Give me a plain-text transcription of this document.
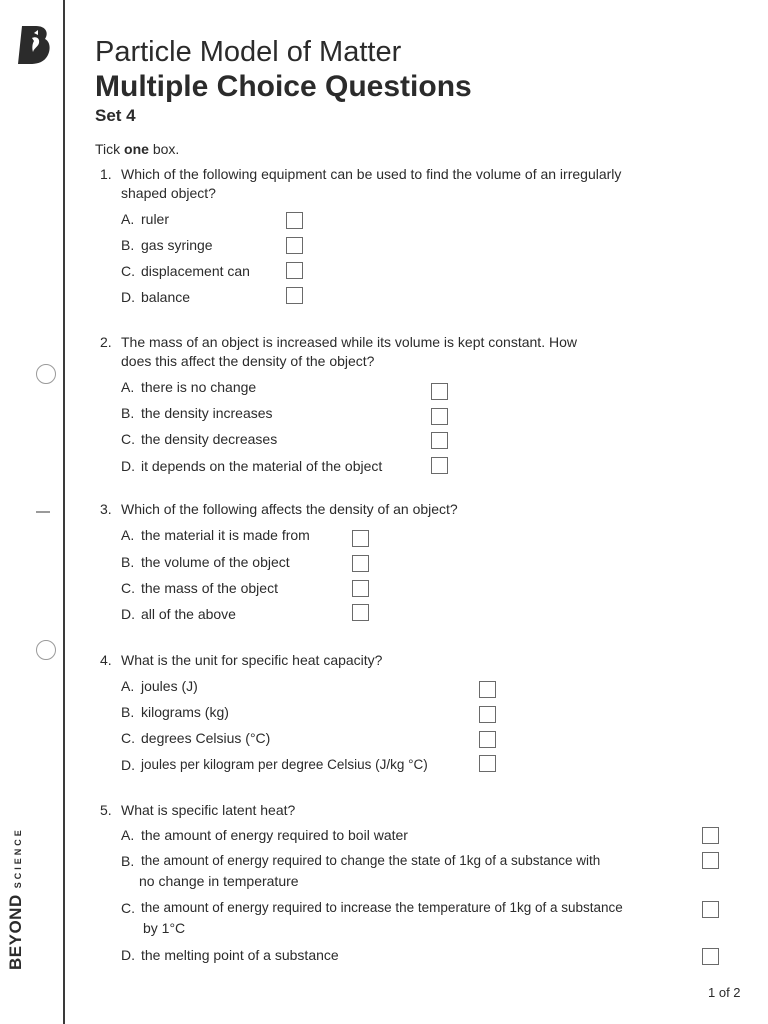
BEYONDSCIENCE
Particle Model of Matter
Multiple Choice Questions
Set 4
Tick one box.
1. Which of the following equipment can be used to find the volume of an irregularly shaped object?
A. ruler
B. gas syringe
C. displacement can
D. balance
2. The mass of an object is increased while its volume is kept constant. How does this affect the density of the object?
A. there is no change
B. the density increases
C. the density decreases
D. it depends on the material of the object
3. Which of the following affects the density of an object?
A. the material it is made from
B. the volume of the object
C. the mass of the object
D. all of the above
4. What is the unit for specific heat capacity?
A. joules (J)
B. kilograms (kg)
C. degrees Celsius (°C)
D. joules per kilogram per degree Celsius (J/kg °C)
5. What is specific latent heat?
A. the amount of energy required to boil water
B. the amount of energy required to change the state of 1kg of a substance with
no change in temperature
C. the amount of energy required to increase the temperature of 1kg of a substance
by 1°C
D. the melting point of a substance
1 of 2
